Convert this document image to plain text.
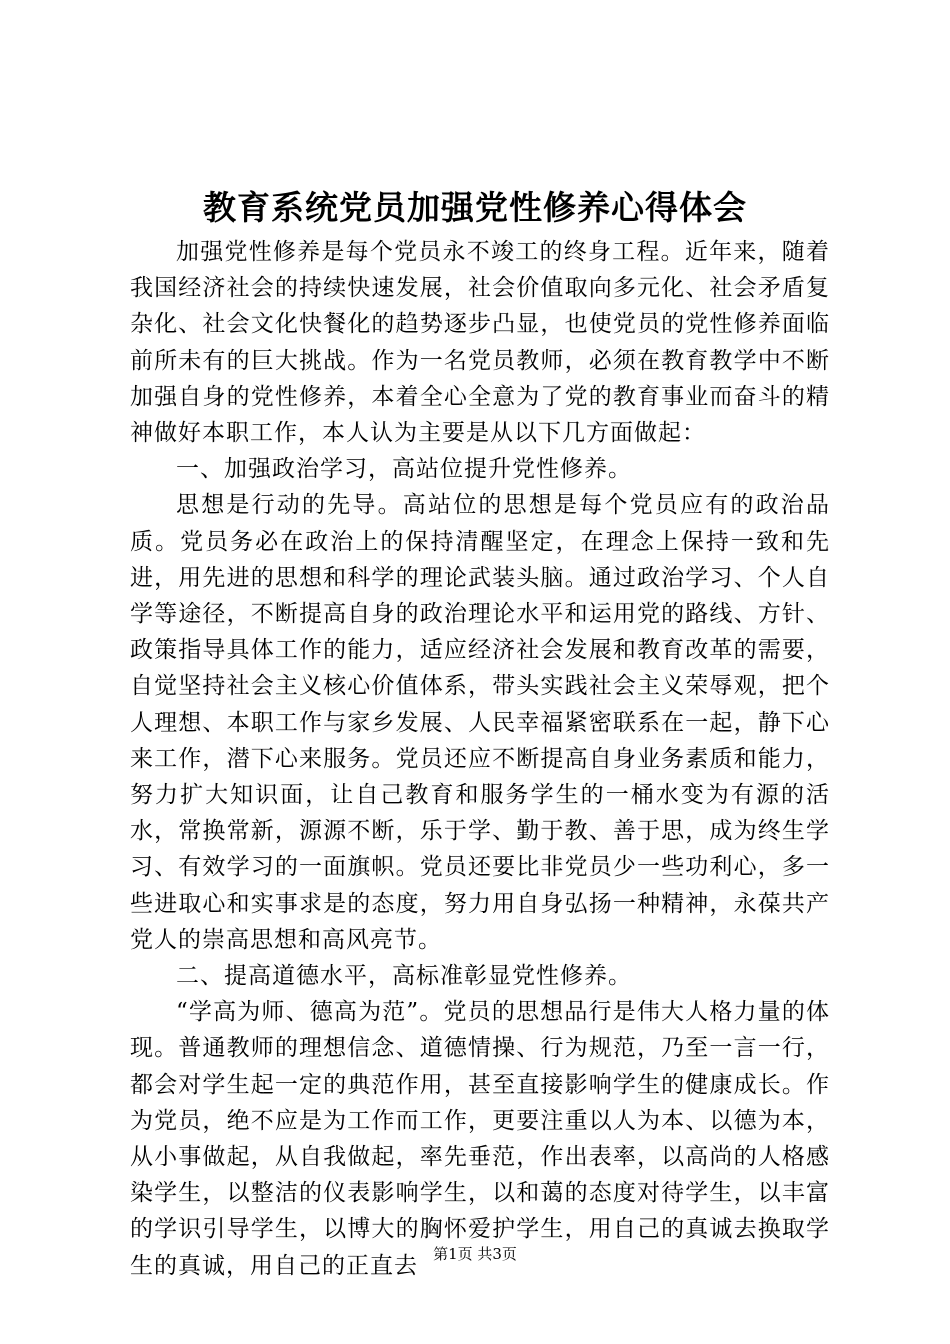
教育系统党员加强党性修养心得体会

加强党性修养是每个党员永不竣工的终身工程。近年来，随着我国经济社会的持续快速发展，社会价值取向多元化、社会矛盾复杂化、社会文化快餐化的趋势逐步凸显，也使党员的党性修养面临前所未有的巨大挑战。作为一名党员教师，必须在教育教学中不断加强自身的党性修养，本着全心全意为了党的教育事业而奋斗的精神做好本职工作，本人认为主要是从以下几方面做起：

一、加强政治学习，高站位提升党性修养。

思想是行动的先导。高站位的思想是每个党员应有的政治品质。党员务必在政治上的保持清醒坚定，在理念上保持一致和先进，用先进的思想和科学的理论武装头脑。通过政治学习、个人自学等途径，不断提高自身的政治理论水平和运用党的路线、方针、政策指导具体工作的能力，适应经济社会发展和教育改革的需要，自觉坚持社会主义核心价值体系，带头实践社会主义荣辱观，把个人理想、本职工作与家乡发展、人民幸福紧密联系在一起，静下心来工作，潜下心来服务。党员还应不断提高自身业务素质和能力，努力扩大知识面，让自己教育和服务学生的一桶水变为有源的活水，常换常新，源源不断，乐于学、勤于教、善于思，成为终生学习、有效学习的一面旗帜。党员还要比非党员少一些功利心，多一些进取心和实事求是的态度，努力用自身弘扬一种精神，永葆共产党人的崇高思想和高风亮节。

二、提高道德水平，高标准彰显党性修养。

“学高为师、德高为范”。党员的思想品行是伟大人格力量的体现。普通教师的理想信念、道德情操、行为规范，乃至一言一行，都会对学生起一定的典范作用，甚至直接影响学生的健康成长。作为党员，绝不应是为工作而工作，更要注重以人为本、以德为本，从小事做起，从自我做起，率先垂范，作出表率，以高尚的人格感染学生，以整洁的仪表影响学生，以和蔼的态度对待学生，以丰富的学识引导学生，以博大的胸怀爱护学生，用自己的真诚去换取学生的真诚，用自己的正直去	第1页 共3页
